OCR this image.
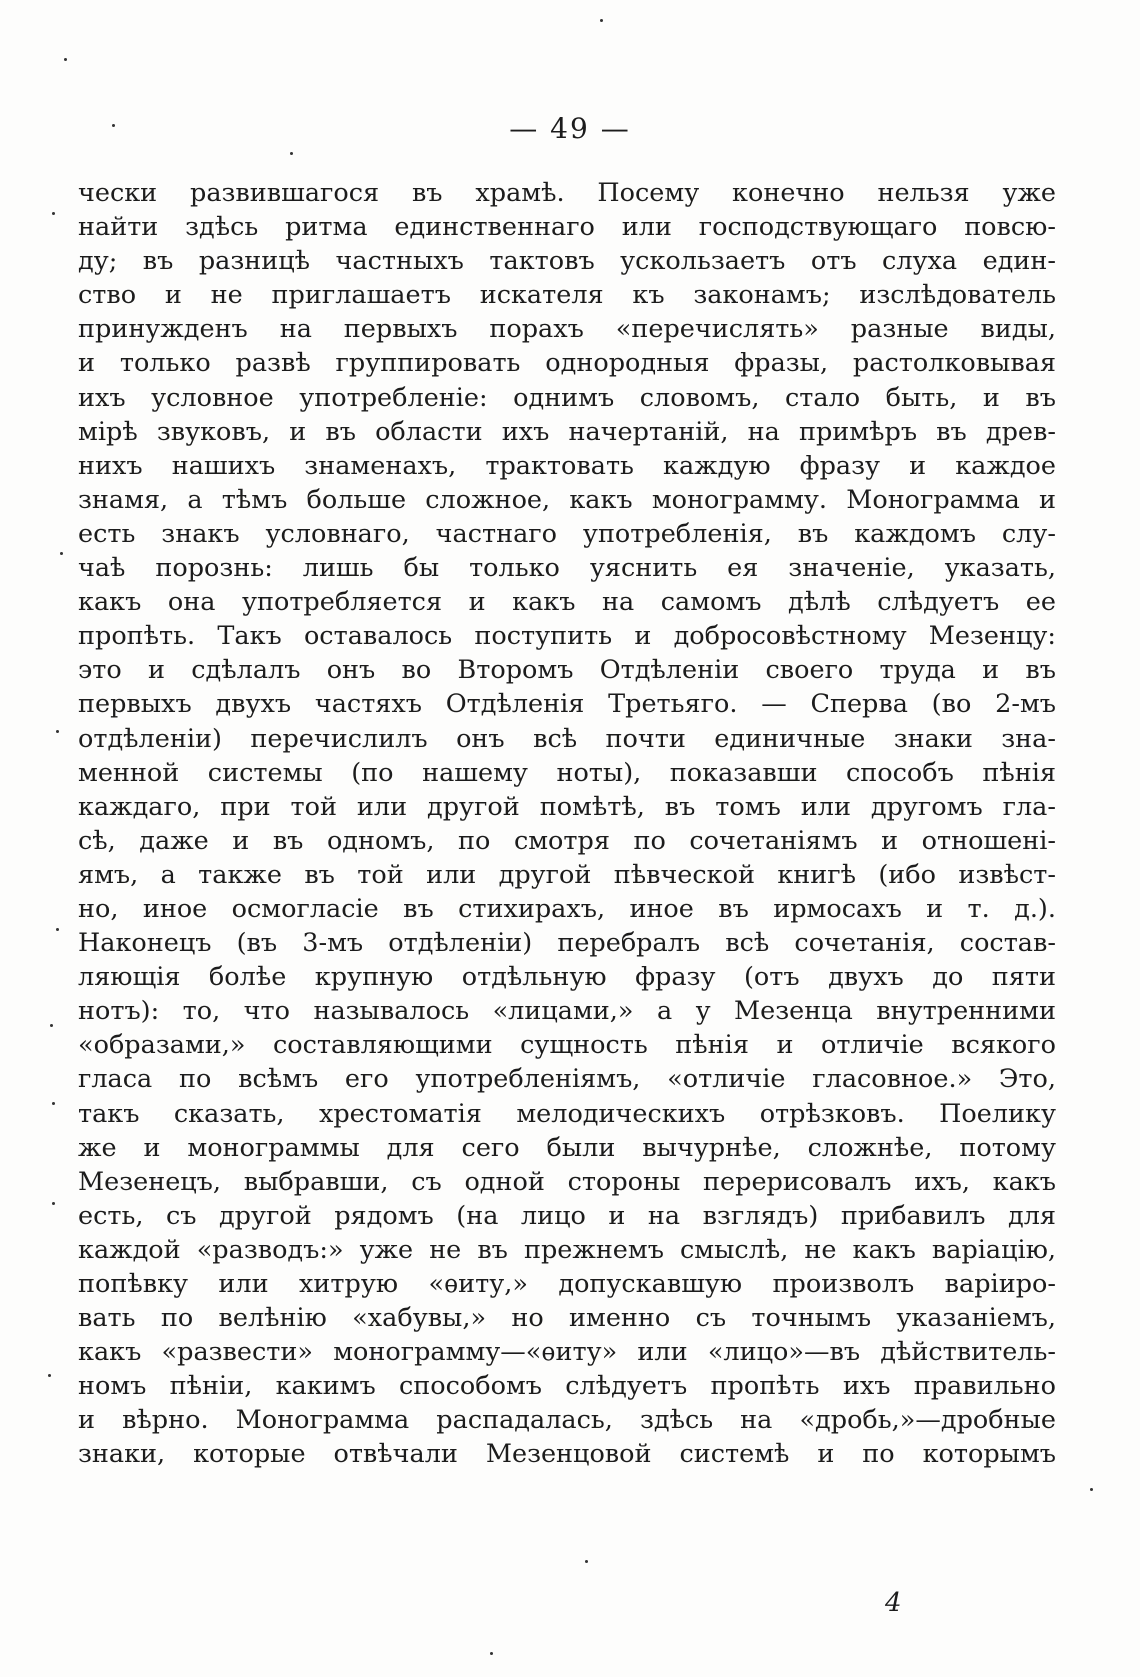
— 49 —
чески развившагося въ храмѣ. Посему конечно нельзя уже
найти здѣсь ритма единственнаго или господствующаго повсю-
ду; въ разницѣ частныхъ тактовъ ускользаетъ отъ слуха един-
ство и не приглашаетъ искателя къ законамъ; изслѣдователь
принужденъ на первыхъ порахъ «перечислять» разные виды,
и только развѣ группировать однородныя фразы, растолковывая
ихъ условное употребленіе: однимъ словомъ, стало быть, и въ
мірѣ звуковъ, и въ области ихъ начертаній, на примѣръ въ древ-
нихъ нашихъ знаменахъ, трактовать каждую фразу и каждое
знамя, а тѣмъ больше сложное, какъ монограмму. Монограмма и
есть знакъ условнаго, частнаго употребленія, въ каждомъ слу-
чаѣ порознь: лишь бы только уяснить ея значеніе, указать,
какъ она употребляется и какъ на самомъ дѣлѣ слѣдуетъ ее
пропѣть. Такъ оставалось поступить и добросовѣстному Мезенцу:
это и сдѣлалъ онъ во Второмъ Отдѣленіи своего труда и въ
первыхъ двухъ частяхъ Отдѣленія Третьяго. — Сперва (во 2-мъ
отдѣленіи) перечислилъ онъ всѣ почти единичные знаки зна-
менной системы (по нашему ноты), показавши способъ пѣнія
каждаго, при той или другой помѣтѣ, въ томъ или другомъ гла-
сѣ, даже и въ одномъ, по смотря по сочетаніямъ и отношені-
ямъ, а также въ той или другой пѣвческой книгѣ (ибо извѣст-
но, иное осмогласіе въ стихирахъ, иное въ ирмосахъ и т. д.).
Наконецъ (въ 3-мъ отдѣленіи) перебралъ всѣ сочетанія, состав-
ляющія болѣе крупную отдѣльную фразу (отъ двухъ до пяти
нотъ): то, что называлось «лицами,» а у Мезенца внутренними
«образами,» составляющими сущность пѣнія и отличіе всякого
гласа по всѣмъ его употребленіямъ, «отличіе гласовное.» Это,
такъ сказать, хрестоматія мелодическихъ отрѣзковъ. Поелику
же и монограммы для сего были вычурнѣе, сложнѣе, потому
Мезенецъ, выбравши, съ одной стороны перерисовалъ ихъ, какъ
есть, съ другой рядомъ (на лицо и на взглядъ) прибавилъ для
каждой «разводъ:» уже не въ прежнемъ смыслѣ, не какъ варіацію,
попѣвку или хитрую «ѳиту,» допускавшую произволъ варіиро-
вать по велѣнію «хабувы,» но именно съ точнымъ указаніемъ,
какъ «развести» монограмму—«ѳиту» или «лицо»—въ дѣйствитель-
номъ пѣніи, какимъ способомъ слѣдуетъ пропѣть ихъ правильно
и вѣрно. Монограмма распадалась, здѣсь на «дробь,»—дробные
знаки, которые отвѣчали Мезенцовой системѣ и по которымъ
4
